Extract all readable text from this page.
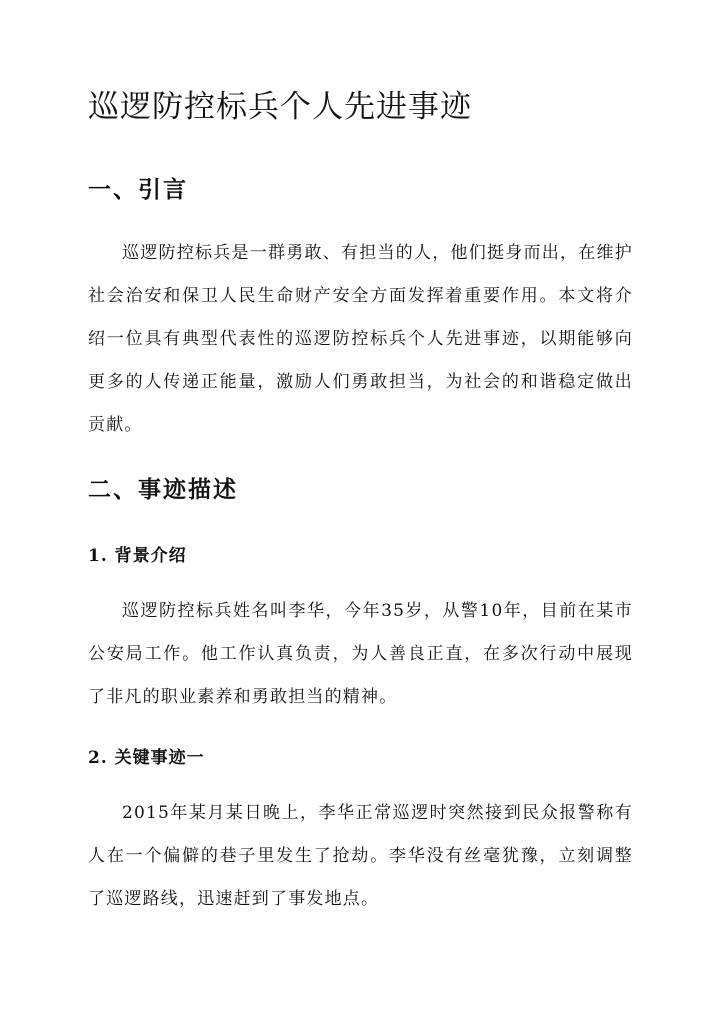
巡逻防控标兵个人先进事迹
一、引言

巡逻防控标兵是一群勇敢、有担当的人，他们挺身而出，在维护社会治安和保卫人民生命财产安全方面发挥着重要作用。本文将介绍一位具有典型代表性的巡逻防控标兵个人先进事迹，以期能够向更多的人传递正能量，激励人们勇敢担当，为社会的和谐稳定做出贡献。

二、事迹描述
1. 背景介绍

巡逻防控标兵姓名叫李华，今年35岁，从警10年，目前在某市公安局工作。他工作认真负责，为人善良正直，在多次行动中展现了非凡的职业素养和勇敢担当的精神。

2. 关键事迹一

2015年某月某日晚上，李华正常巡逻时突然接到民众报警称有人在一个偏僻的巷子里发生了抢劫。李华没有丝毫犹豫，立刻调整了巡逻路线，迅速赶到了事发地点。
